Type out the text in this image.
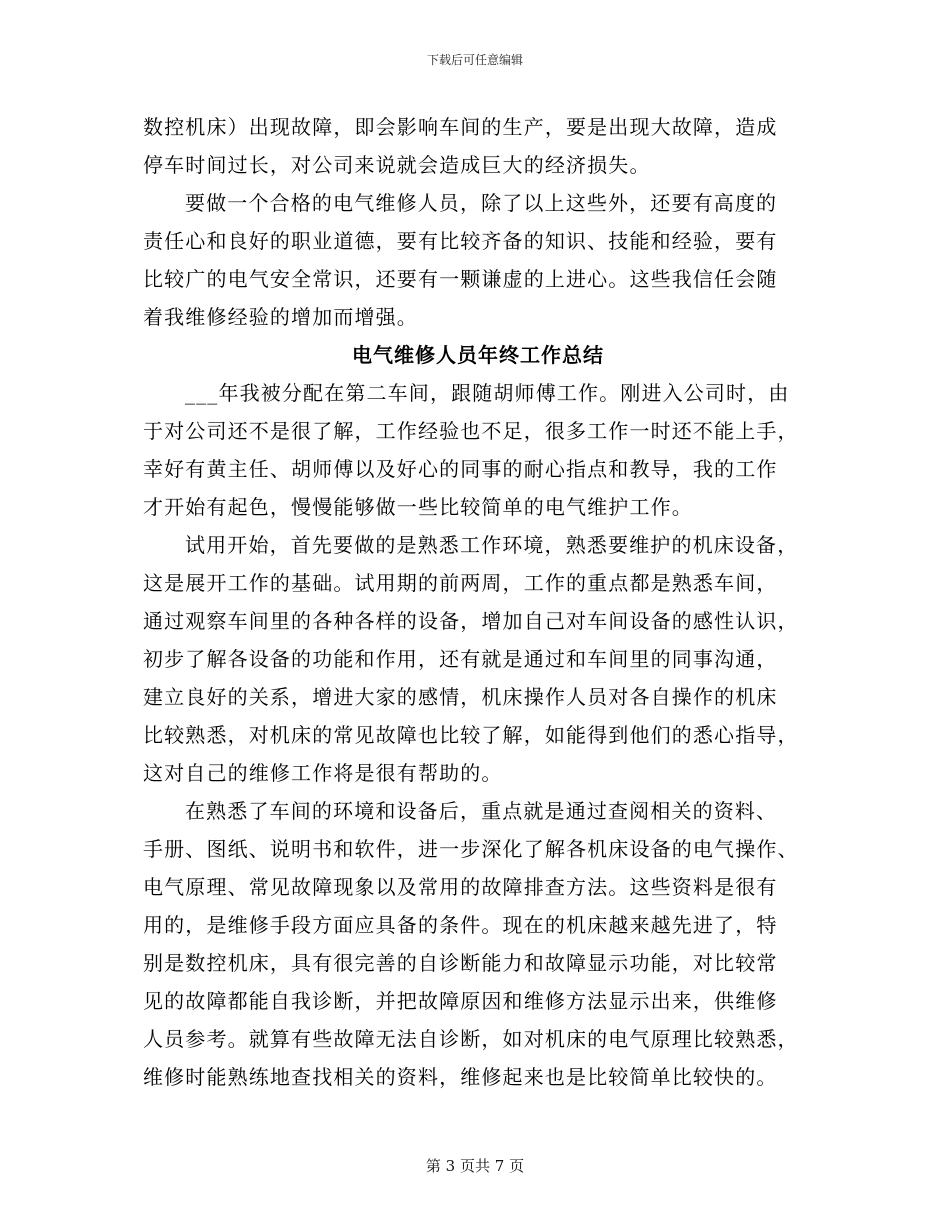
下载后可任意编辑
数控机床）出现故障，即会影响车间的生产，要是出现大故障，造成
停车时间过长，对公司来说就会造成巨大的经济损失。
要做一个合格的电气维修人员，除了以上这些外，还要有高度的
责任心和良好的职业道德，要有比较齐备的知识、技能和经验，要有
比较广的电气安全常识，还要有一颗谦虚的上进心。这些我信任会随
着我维修经验的增加而增强。
电气维修人员年终工作总结
___年我被分配在第二车间，跟随胡师傅工作。刚进入公司时，由
于对公司还不是很了解，工作经验也不足，很多工作一时还不能上手，
幸好有黄主任、胡师傅以及好心的同事的耐心指点和教导，我的工作
才开始有起色，慢慢能够做一些比较简单的电气维护工作。
试用开始，首先要做的是熟悉工作环境，熟悉要维护的机床设备，
这是展开工作的基础。试用期的前两周，工作的重点都是熟悉车间，
通过观察车间里的各种各样的设备，增加自己对车间设备的感性认识，
初步了解各设备的功能和作用，还有就是通过和车间里的同事沟通，
建立良好的关系，增进大家的感情，机床操作人员对各自操作的机床
比较熟悉，对机床的常见故障也比较了解，如能得到他们的悉心指导，
这对自己的维修工作将是很有帮助的。
在熟悉了车间的环境和设备后，重点就是通过查阅相关的资料、
手册、图纸、说明书和软件，进一步深化了解各机床设备的电气操作、
电气原理、常见故障现象以及常用的故障排查方法。这些资料是很有
用的，是维修手段方面应具备的条件。现在的机床越来越先进了，特
别是数控机床，具有很完善的自诊断能力和故障显示功能，对比较常
见的故障都能自我诊断，并把故障原因和维修方法显示出来，供维修
人员参考。就算有些故障无法自诊断，如对机床的电气原理比较熟悉，
维修时能熟练地查找相关的资料，维修起来也是比较简单比较快的。
第 3 页共 7 页
